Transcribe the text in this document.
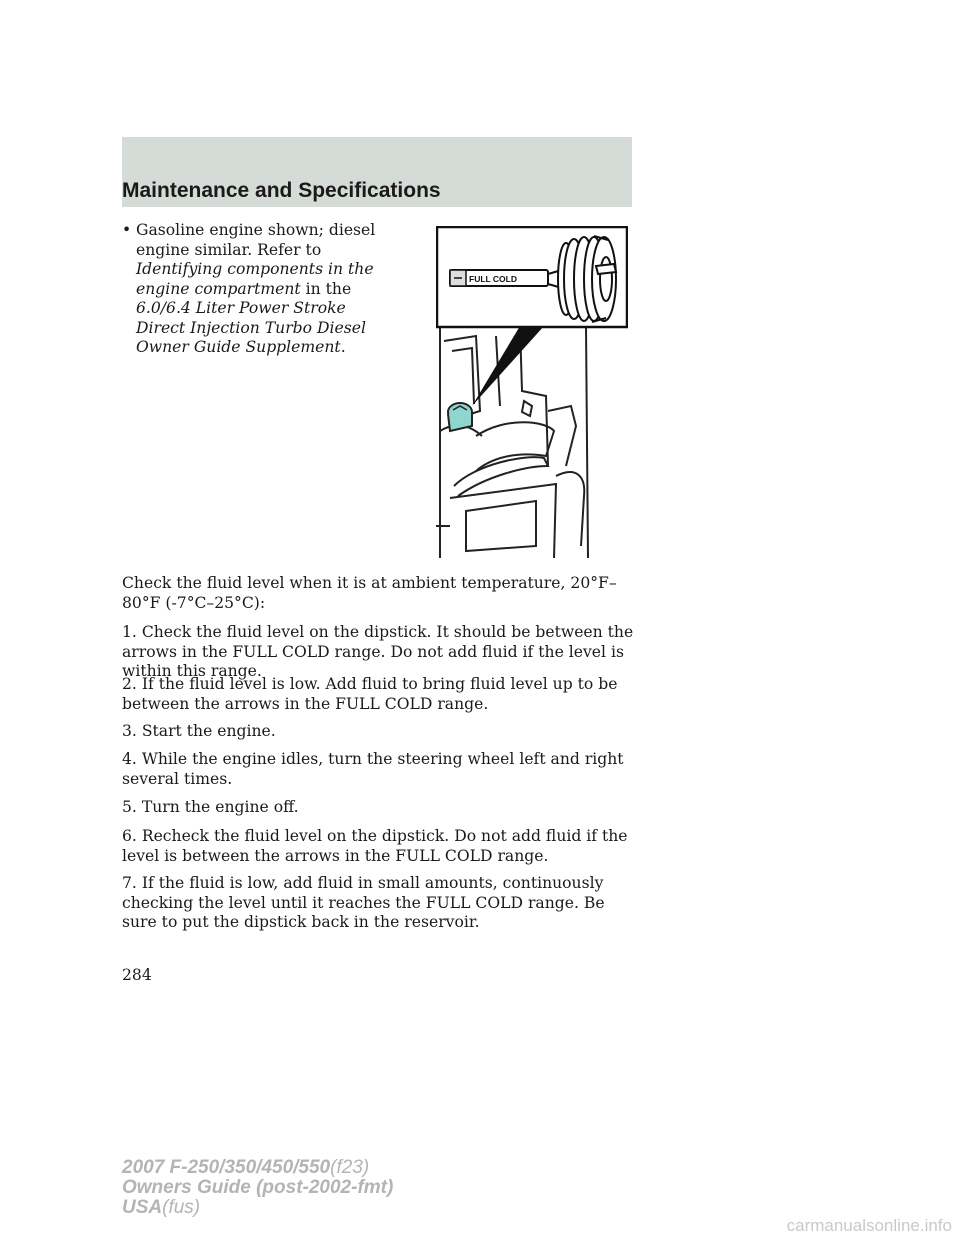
Maintenance and Specifications
• Gasoline engine shown; diesel
engine similar. Refer to
Identifying components in the
engine compartment in the
6.0/6.4 Liter Power Stroke
Direct Injection Turbo Diesel
Owner Guide Supplement.
FULL COLD

Check the fluid level when it is at ambient temperature, 20°F–80°F (-7°C–25°C):

1. Check the fluid level on the dipstick. It should be between the arrows in the FULL COLD range. Do not add fluid if the level is within this range.

2. If the fluid level is low. Add fluid to bring fluid level up to be between the arrows in the FULL COLD range.

3. Start the engine.

4. While the engine idles, turn the steering wheel left and right several times.

5. Turn the engine off.

6. Recheck the fluid level on the dipstick. Do not add fluid if the level is between the arrows in the FULL COLD range.

7. If the fluid is low, add fluid in small amounts, continuously checking the level until it reaches the FULL COLD range. Be sure to put the dipstick back in the reservoir.

284
2007 F-250/350/450/550(f23)
Owners Guide (post-2002-fmt)
USA(fus)
carmanualsonline.info
